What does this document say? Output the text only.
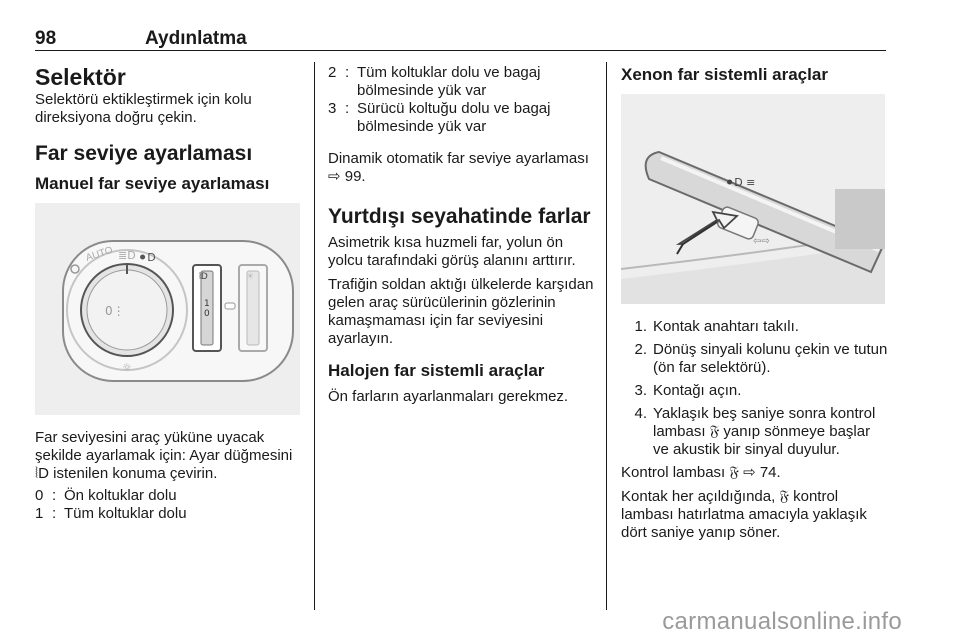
98	Aydınlatma

Selektör

Selektörü ektikleştirmek için kolu direksiyona doğru çekin.

Far seviye ayarlaması

Manuel far seviye ayarlaması

0⋮
AUTO ≣D ⚫D
☼
⦚D
1
0
☀

Far seviyesini araç yüküne uyacak şekilde ayarlamak için: Ayar düğmesini ⦚D istenilen konuma çevirin.

0 : Ön koltuklar dolu
1 : Tüm koltuklar dolu
2 : Tüm koltuklar dolu ve bagaj bölmesinde yük var
3 : Sürücü koltuğu dolu ve bagaj bölmesinde yük var

Dinamik otomatik far seviye ayarlaması ⇨ 99.

Yurtdışı seyahatinde farlar

Asimetrik kısa huzmeli far, yolun ön yolcu tarafındaki görüş alanını arttırır.

Trafiğin soldan aktığı ülkelerde karşıdan gelen araç sürücülerinin gözlerinin kamaşmaması için far seviyesini ayarlayın.

Halojen far sistemli araçlar

Ön farların ayarlanmaları gerekmez.

Xenon far sistemli araçlar

⚫D ≡
⇦⇨
1. Kontak anahtarı takılı.
2. Dönüş sinyali kolunu çekin ve tutun (ön far selektörü).
3. Kontağı açın.
4. Yaklaşık beş saniye sonra kontrol lambası 𝔉 yanıp sönmeye başlar ve akustik bir sinyal duyulur.

Kontrol lambası 𝔉 ⇨ 74.

Kontak her açıldığında, 𝔉 kontrol lambası hatırlatma amacıyla yaklaşık dört saniye yanıp söner.

carmanualsonline.info
